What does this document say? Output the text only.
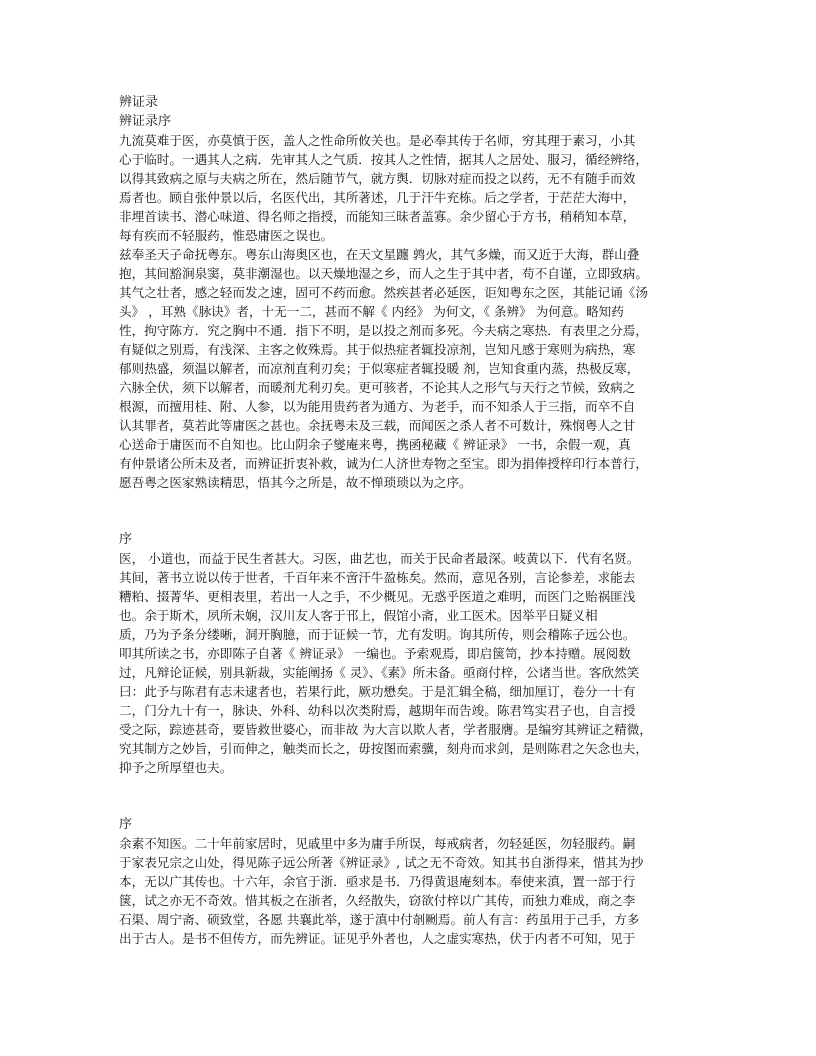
辨证录
辨证录序
九流莫难于医，亦莫慎于医，盖人之性命所攸关也。是必奉其传于名师，穷其理于素习，小其
心于临时。一遇其人之病．先审其人之气质．按其人之性情，据其人之居处、服习，循经辨络，
以得其致病之原与夫病之所在，然后随节气，就方舆．切脉对症而投之以药，无不有随手而效
焉者也。顾自张仲景以后，名医代出，其所著述，几于汗牛充栋。后之学者，于茫茫大海中，
非埋首读书、潜心味道、得名师之指授，而能知三昧者盖寡。余少留心于方书，稍稍知本草，
每有疾而不轻服药，惟恐庸医之误也。
兹奉圣天子命抚粤东。粤东山海奥区也，在天文星躔 鹑火，其气多燥，而又近于大海，群山叠
抱，其间豁涧泉窦，莫非潮湿也。以天燥地湿之乡，而人之生于其中者，苟不自谨，立即致病。
其气之壮者，感之轻而发之速，固可不药而愈。然疾甚者必延医，讵知粤东之医，其能记诵《汤
头》 ，耳熟《脉诀》者，十无一二，甚而不解《 内经》 为何文，《 条辨》 为何意。略知药
性，拘守陈方．究之胸中不通．指下不明，是以投之剂而多死。今夫病之寒热．有表里之分焉，
有疑似之别焉，有浅深、主客之攸殊焉。其于似热症者辄投凉剂，岂知凡感于寒则为病热，寒
郁则热盛，须温以解者，而凉剂直利刃矣；于似寒症者辄投暖 剂，岂知食重内蒸，热极反寒，
六脉全伏，须下以解者，而暖剂尤利刃矣。更可骇者，不论其人之形气与天行之节候，致病之
根源，而擅用桂、附、人参，以为能用贵药者为通方、为老手，而不知杀人于三指，而卒不自
认其罪者，莫若此等庸医之甚也。余抚粤未及三载，而闻医之杀人者不可数计，殊悯粤人之甘
心送命于庸医而不自知也。比山阴余子燮庵来粤，携函秘藏《 辨证录》 一书，余假一观，真
有仲景诸公所未及者，而辨证折衷补救，诚为仁人济世寿物之至宝。即为捐俸授梓印行本普行，
愿吾粤之医家熟读精思，悟其今之所是，故不惮琐琐以为之序。
序
医， 小道也，而益于民生者甚大。习医，曲艺也，而关于民命者最深。岐黄以下．代有名贤。
其间，著书立说以传于世者，千百年来不啻汗牛盈栋矣。然而，意见各别，言论参差，求能去
糟粕、掇菁华、更相表里，若出一人之手，不少概见。无惑乎医道之难明，而医门之贻祸匪浅
也。余于斯术，夙所未娴，汉川友人客于邗上，假馆小斋，业工医术。因举平日疑义相
质，乃为予条分缕晰，洞开胸臆，而于证候一节，尤有发明。询其所传，则会稽陈子远公也。
叩其所读之书，亦即陈子自著《 辨证录》 一编也。予索观焉，即启箧笥，抄本持赠。展阅数
过，凡辩论证候，别具新裁，实能阐扬《 灵》、《素》所未备。亟商付梓，公诸当世。客欣然笑
曰：此予与陈君有志未逮者也，若果行此，厥功懋矣。于是汇辑全稿，细加厘订，卷分一十有
二，门分九十有一，脉诀、外科、幼科以次类附焉，越期年而告竣。陈君笃实君子也，自言授
受之际，踪迹甚奇，要皆救世婆心，而非故 为大言以欺人者，学者服膺。是编穷其辨证之精微，
究其制方之妙旨，引而伸之，触类而长之，毋按图而索骥，刻舟而求剑，是则陈君之矢念也夫，
抑予之所厚望也夫。
序
余素不知医。二十年前家居时，见戚里中多为庸手所误，每戒病者，勿轻延医，勿轻服药。嗣
于家表兄宗之山处，得见陈子远公所著《辨证录》, 试之无不奇效。知其书自浙得来，惜其为抄
本，无以广其传也。十六年，余官于浙．亟求是书．乃得黄退庵刻本。奉使来滇，置一部于行
箧，试之亦无不奇效。惜其板之在浙者，久经散失，窃欲付梓以广其传，而独力难成，商之李
石渠、周宁斋、硕致堂，各愿 共襄此举，遂于滇中付剞劂焉。前人有言：药虽用于己手，方多
出于古人。是书不但传方，而先辨证。证见乎外者也，人之虚实寒热，伏于内者不可知，见于
